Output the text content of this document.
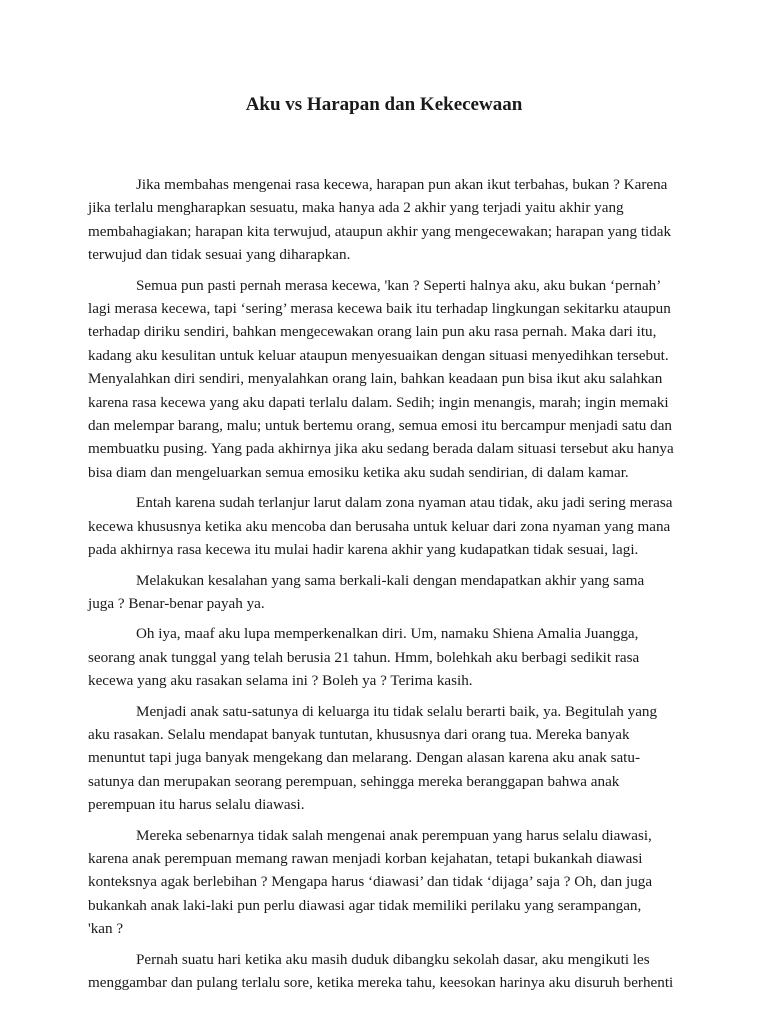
Aku vs Harapan dan Kekecewaan

Jika membahas mengenai rasa kecewa, harapan pun akan ikut terbahas, bukan ? Karena
jika terlalu mengharapkan sesuatu, maka hanya ada 2 akhir yang terjadi yaitu akhir yang
membahagiakan; harapan kita terwujud, ataupun akhir yang mengecewakan; harapan yang tidak
terwujud dan tidak sesuai yang diharapkan.

Semua pun pasti pernah merasa kecewa, 'kan ? Seperti halnya aku, aku bukan ‘pernah’
lagi merasa kecewa, tapi ‘sering’ merasa kecewa baik itu terhadap lingkungan sekitarku ataupun
terhadap diriku sendiri, bahkan mengecewakan orang lain pun aku rasa pernah. Maka dari itu,
kadang aku kesulitan untuk keluar ataupun menyesuaikan dengan situasi menyedihkan tersebut.
Menyalahkan diri sendiri, menyalahkan orang lain, bahkan keadaan pun bisa ikut aku salahkan
karena rasa kecewa yang aku dapati terlalu dalam. Sedih; ingin menangis, marah; ingin memaki
dan melempar barang, malu; untuk bertemu orang, semua emosi itu bercampur menjadi satu dan
membuatku pusing. Yang pada akhirnya jika aku sedang berada dalam situasi tersebut aku hanya
bisa diam dan mengeluarkan semua emosiku ketika aku sudah sendirian, di dalam kamar.

Entah karena sudah terlanjur larut dalam zona nyaman atau tidak, aku jadi sering merasa
kecewa khususnya ketika aku mencoba dan berusaha untuk keluar dari zona nyaman yang mana
pada akhirnya rasa kecewa itu mulai hadir karena akhir yang kudapatkan tidak sesuai, lagi.

Melakukan kesalahan yang sama berkali-kali dengan mendapatkan akhir yang sama
juga ? Benar-benar payah ya.

Oh iya, maaf aku lupa memperkenalkan diri. Um, namaku Shiena Amalia Juangga,
seorang anak tunggal yang telah berusia 21 tahun. Hmm, bolehkah aku berbagi sedikit rasa
kecewa yang aku rasakan selama ini ? Boleh ya ? Terima kasih.

Menjadi anak satu-satunya di keluarga itu tidak selalu berarti baik, ya. Begitulah yang
aku rasakan. Selalu mendapat banyak tuntutan, khususnya dari orang tua. Mereka banyak
menuntut tapi juga banyak mengekang dan melarang. Dengan alasan karena aku anak satu-
satunya dan merupakan seorang perempuan, sehingga mereka beranggapan bahwa anak
perempuan itu harus selalu diawasi.

Mereka sebenarnya tidak salah mengenai anak perempuan yang harus selalu diawasi,
karena anak perempuan memang rawan menjadi korban kejahatan, tetapi bukankah diawasi
konteksnya agak berlebihan ? Mengapa harus ‘diawasi’ dan tidak ‘dijaga’ saja ? Oh, dan juga
bukankah anak laki-laki pun perlu diawasi agar tidak memiliki perilaku yang serampangan,
'kan ?

Pernah suatu hari ketika aku masih duduk dibangku sekolah dasar, aku mengikuti les
menggambar dan pulang terlalu sore, ketika mereka tahu, keesokan harinya aku disuruh berhenti
